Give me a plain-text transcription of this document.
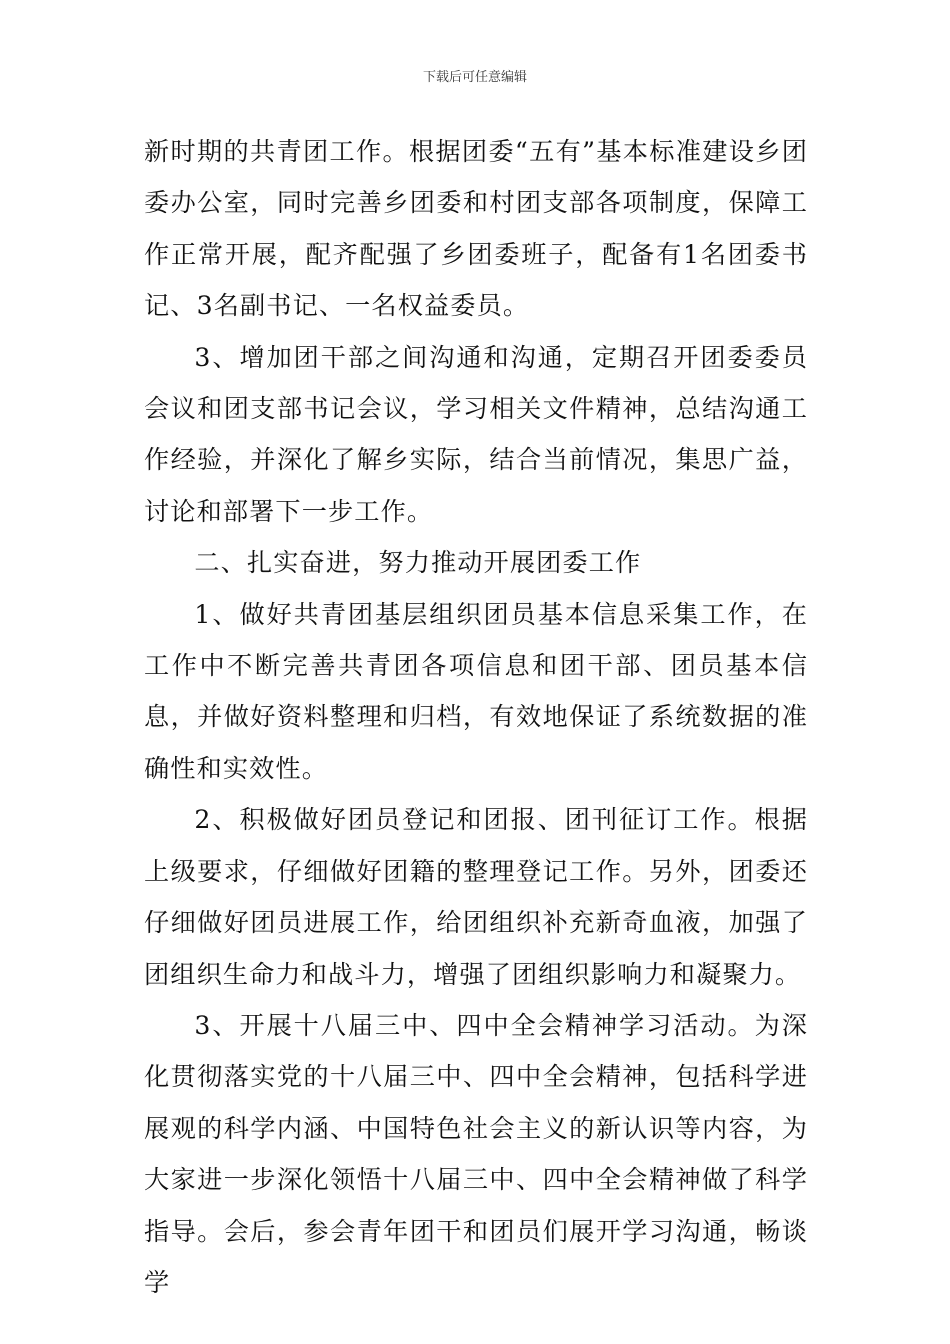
下载后可任意编辑

新时期的共青团工作。根据团委“五有”基本标准建设乡团委办公室，同时完善乡团委和村团支部各项制度，保障工作正常开展，配齐配强了乡团委班子，配备有1名团委书记、3名副书记、一名权益委员。

3、增加团干部之间沟通和沟通，定期召开团委委员会议和团支部书记会议，学习相关文件精神，总结沟通工作经验，并深化了解乡实际，结合当前情况，集思广益，讨论和部署下一步工作。

二、扎实奋进，努力推动开展团委工作

1、做好共青团基层组织团员基本信息采集工作，在工作中不断完善共青团各项信息和团干部、团员基本信息，并做好资料整理和归档，有效地保证了系统数据的准确性和实效性。

2、积极做好团员登记和团报、团刊征订工作。根据上级要求，仔细做好团籍的整理登记工作。另外，团委还仔细做好团员进展工作，给团组织补充新奇血液，加强了团组织生命力和战斗力，增强了团组织影响力和凝聚力。

3、开展十八届三中、四中全会精神学习活动。为深化贯彻落实党的十八届三中、四中全会精神，包括科学进展观的科学内涵、中国特色社会主义的新认识等内容，为大家进一步深化领悟十八届三中、四中全会精神做了科学指导。会后，参会青年团干和团员们展开学习沟通，畅谈学
